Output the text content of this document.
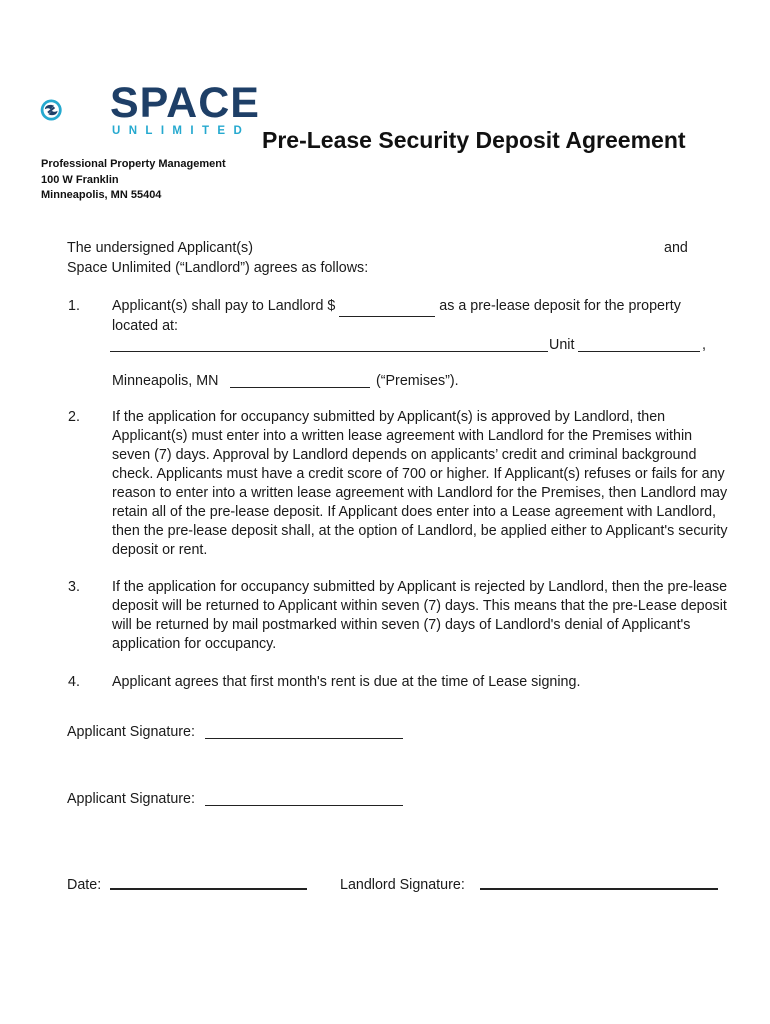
SPACE
UNLIMITED Pre-Lease Security Deposit Agreement
Professional Property Management
100 W Franklin
Minneapolis, MN 55404
The undersigned Applicant(s)	and
Space Unlimited (“Landlord”) agrees as follows:
1. Applicant(s) shall pay to Landlord $	as a pre-lease deposit for the property
located at:
Unit	,
Minneapolis, MN	(“Premises”).
2. If the application for occupancy submitted by Applicant(s) is approved by Landlord, then Applicant(s) must enter into a written lease agreement with Landlord for the Premises within seven (7) days. Approval by Landlord depends on applicants’ credit and criminal background check. Applicants must have a credit score of 700 or higher. If Applicant(s) refuses or fails for any reason to enter into a written lease agreement with Landlord for the Premises, then Landlord may retain all of the pre-lease deposit. If Applicant does enter into a Lease agreement with Landlord, then the pre-lease deposit shall, at the option of Landlord, be applied either to Applicant's security deposit or rent.
3. If the application for occupancy submitted by Applicant is rejected by Landlord, then the pre-lease deposit will be returned to Applicant within seven (7) days. This means that the pre-Lease deposit will be returned by mail postmarked within seven (7) days of Landlord's denial of Applicant's application for occupancy.
4. Applicant agrees that first month's rent is due at the time of Lease signing.
Applicant Signature:
Applicant Signature:
Date:	Landlord Signature:
